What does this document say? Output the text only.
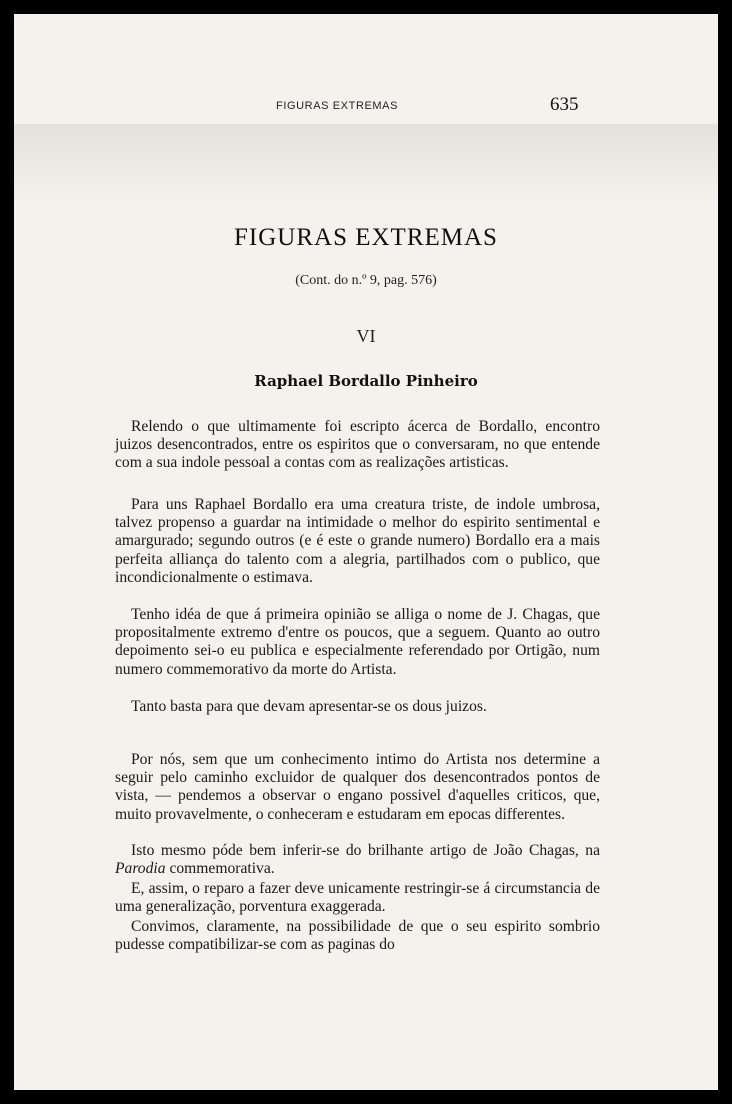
FIGURAS EXTREMAS	635
FIGURAS EXTREMAS
(Cont. do n.º 9, pag. 576)
VI
Raphael Bordallo Pinheiro
Relendo o que ultimamente foi escripto ácerca de Bordallo, encontro juizos desencontrados, entre os espiritos que o conversaram, no que entende com a sua indole pessoal a contas com as realizações artisticas.
Para uns Raphael Bordallo era uma creatura triste, de indole umbrosa, talvez propenso a guardar na intimidade o melhor do espirito sentimental e amargurado; segundo outros (e é este o grande numero) Bordallo era a mais perfeita alliança do talento com a alegria, partilhados com o publico, que incondicionalmente o estimava.
Tenho idéa de que á primeira opinião se alliga o nome de J. Chagas, que propositalmente extremo d'entre os poucos, que a seguem. Quanto ao outro depoimento sei-o eu publica e especialmente referendado por Ortigão, num numero commemorativo da morte do Artista.
Tanto basta para que devam apresentar-se os dous juizos.
Por nós, sem que um conhecimento intimo do Artista nos determine a seguir pelo caminho excluidor de qualquer dos desencontrados pontos de vista, — pendemos a observar o engano possivel d'aquelles criticos, que, muito provavelmente, o conheceram e estudaram em epocas differentes.
Isto mesmo póde bem inferir-se do brilhante artigo de João Chagas, na Parodia commemorativa.
E, assim, o reparo a fazer deve unicamente restringir-se á circumstancia de uma generalização, porventura exaggerada.
Convimos, claramente, na possibilidade de que o seu espirito sombrio pudesse compatibilizar-se com as paginas do
